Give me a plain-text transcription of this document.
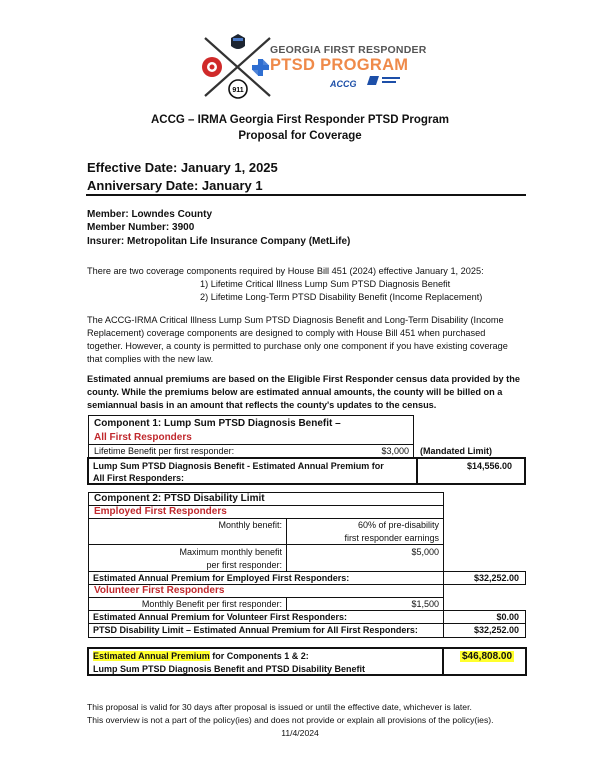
911
GEORGIA FIRST RESPONDER
PTSD PROGRAM
ACCG
ACCG – IRMA Georgia First Responder PTSD Program
Proposal for Coverage
Effective Date: January 1, 2025
Anniversary Date: January 1
Member: Lowndes County
Member Number: 3900
Insurer: Metropolitan Life Insurance Company (MetLife)
There are two coverage components required by House Bill 451 (2024) effective January 1, 2025:
1) Lifetime Critical Illness Lump Sum PTSD Diagnosis Benefit
2) Lifetime Long-Term PTSD Disability Benefit (Income Replacement)
The ACCG-IRMA Critical Illness Lump Sum PTSD Diagnosis Benefit and Long-Term Disability (Income
Replacement) coverage components are designed to comply with House Bill 451 when purchased
together. However, a county is permitted to purchase only one component if you have existing coverage
that complies with the new law.
Estimated annual premiums are based on the Eligible First Responder census data provided by the
county. While the premiums below are estimated annual amounts, the county will be billed on a
semiannual basis in an amount that reflects the county's updates to the census.
Component 1: Lump Sum PTSD Diagnosis Benefit –
All First Responders
Lifetime Benefit per first responder:	$3,000 (Mandated Limit)
Lump Sum PTSD Diagnosis Benefit - Estimated Annual Premium for
All First Responders:
$14,556.00
Component 2: PTSD Disability Limit
Employed First Responders
Monthly benefit:	60% of pre-disability
first responder earnings
Maximum monthly benefit
per first responder:
$5,000
Estimated Annual Premium for Employed First Responders:	$32,252.00
Volunteer First Responders
Monthly Benefit per first responder:	$1,500
Estimated Annual Premium for Volunteer First Responders:	$0.00
PTSD Disability Limit – Estimated Annual Premium for All First Responders:	$32,252.00
Estimated Annual Premium for Components 1 & 2:
Lump Sum PTSD Diagnosis Benefit and PTSD Disability Benefit
$46,808.00
This proposal is valid for 30 days after proposal is issued or until the effective date, whichever is later.
This overview is not a part of the policy(ies) and does not provide or explain all provisions of the policy(ies).
11/4/2024
